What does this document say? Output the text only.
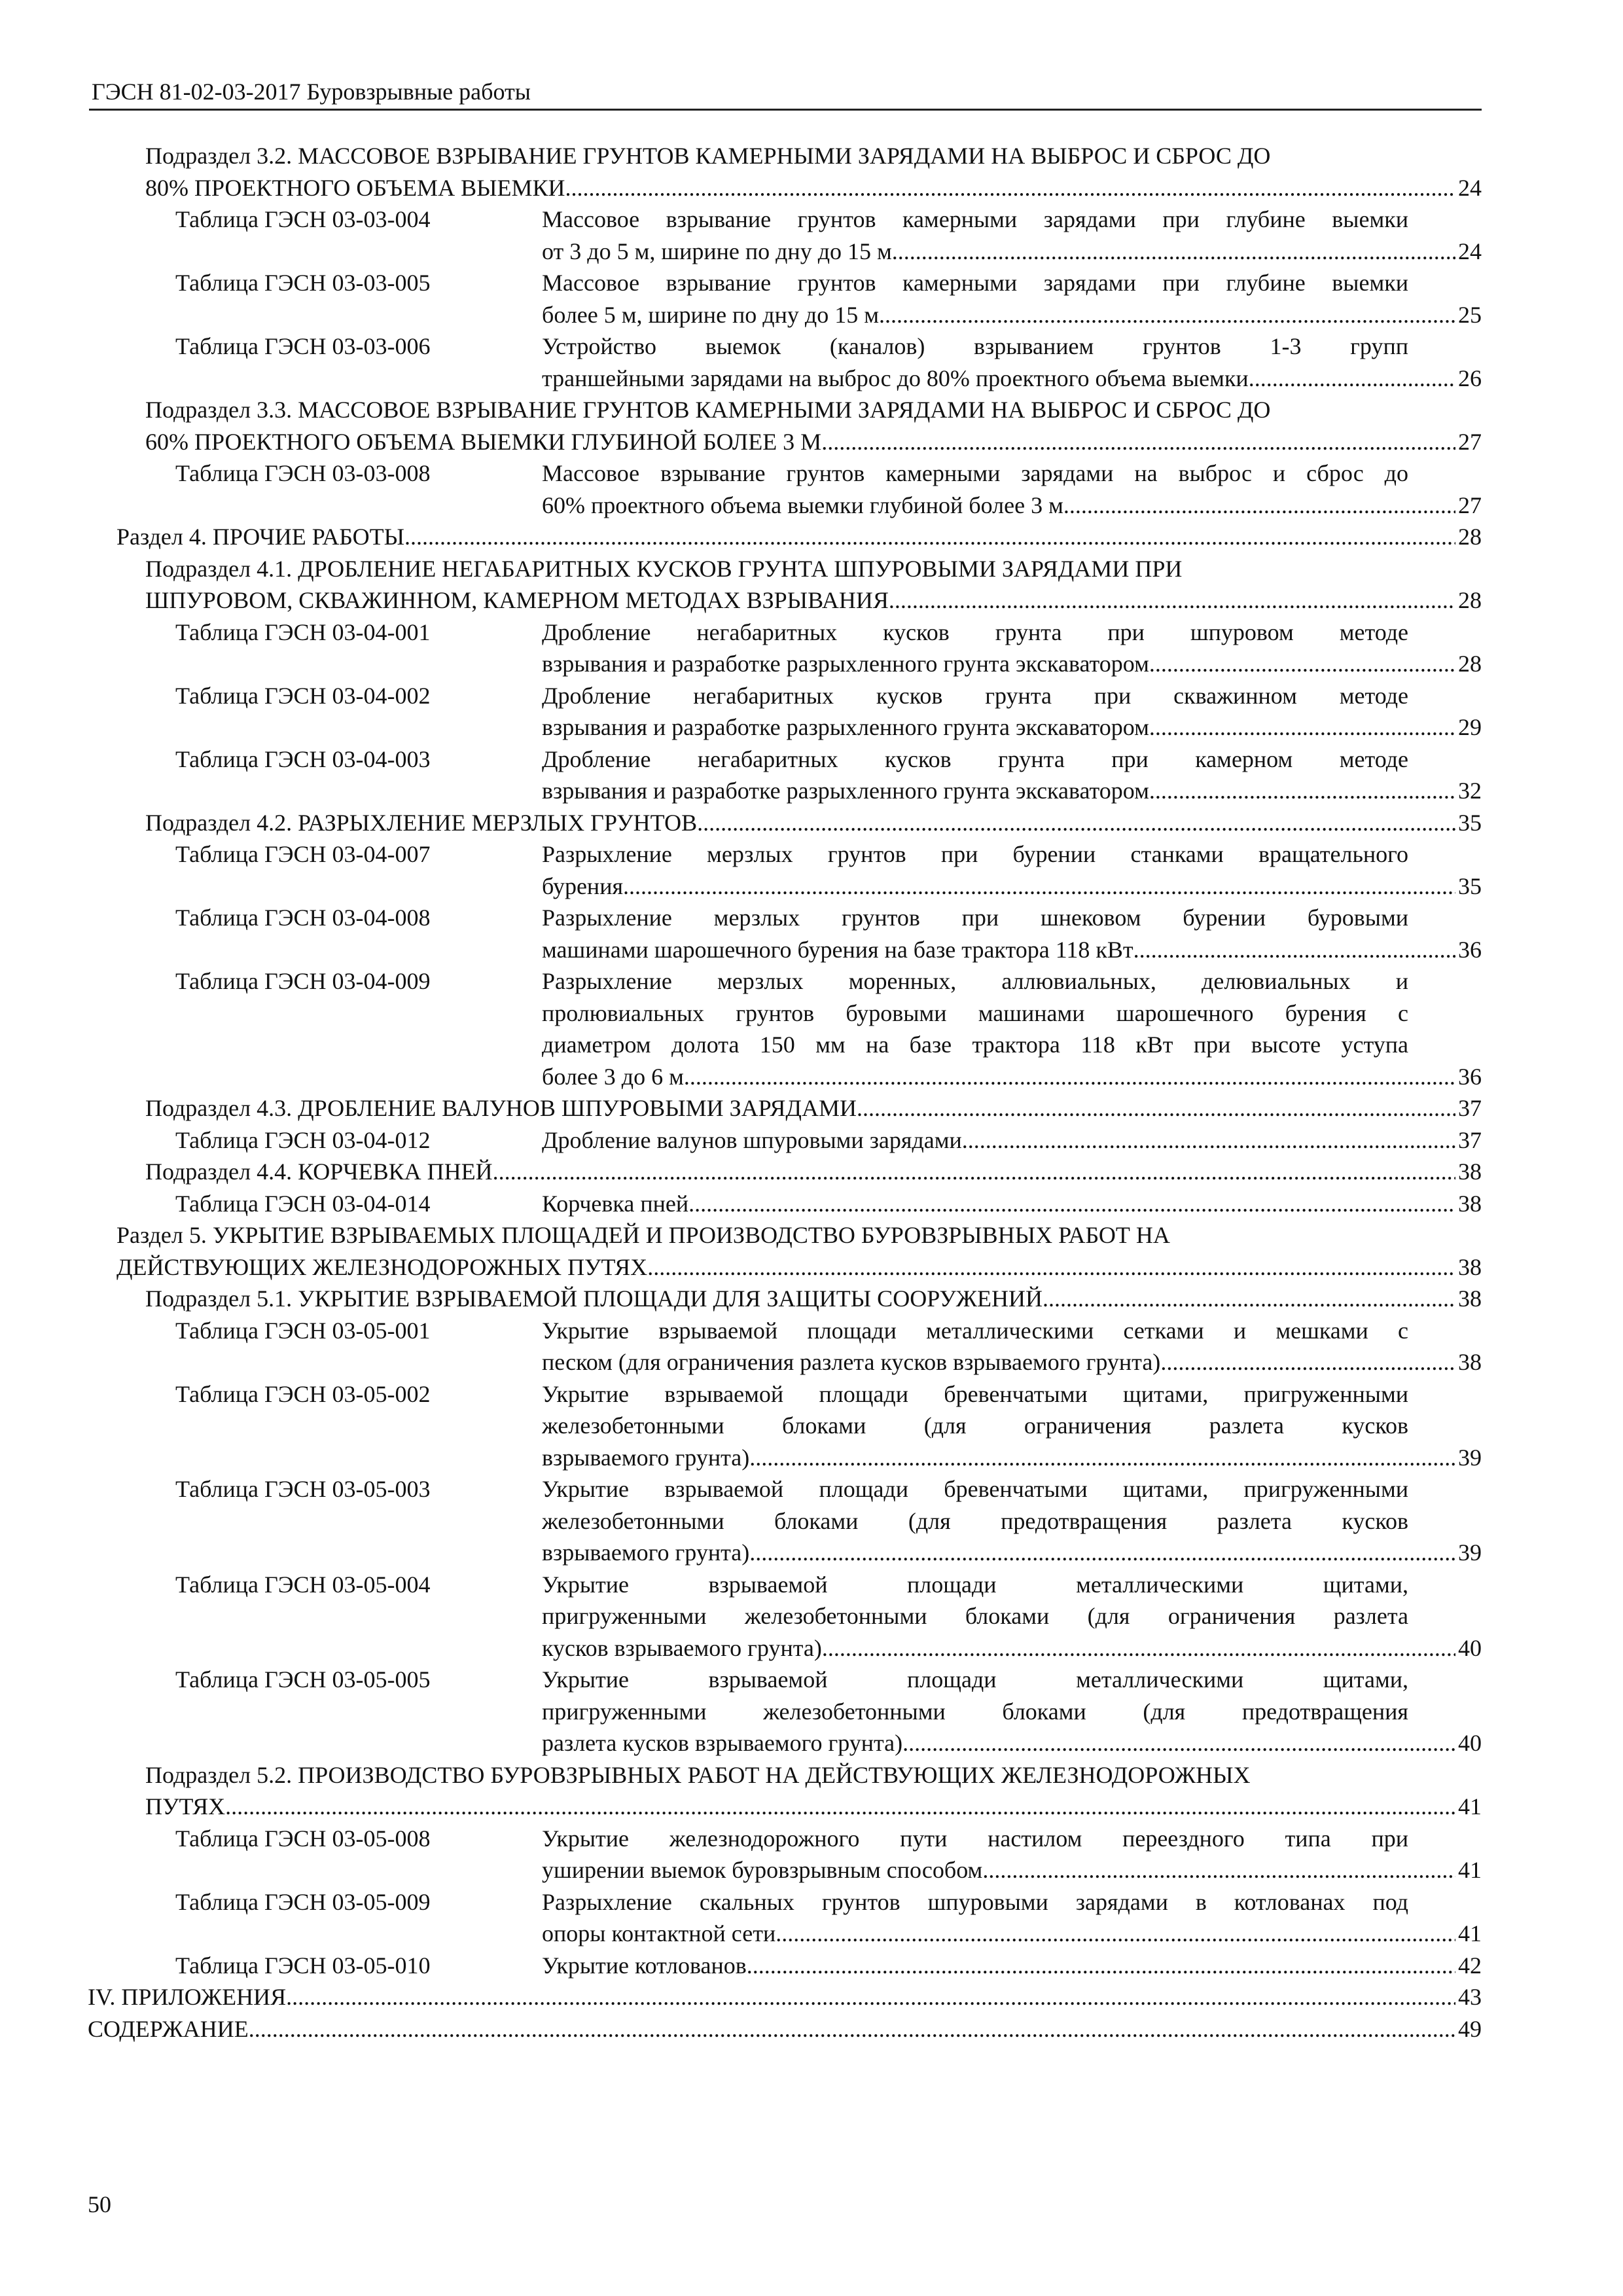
ГЭСН 81-02-03-2017 Буровзрывные работы
Подраздел 3.2. МАССОВОЕ ВЗРЫВАНИЕ ГРУНТОВ КАМЕРНЫМИ ЗАРЯДАМИ НА ВЫБРОС И СБРОС ДО
80% ПРОЕКТНОГО ОБЪЕМА ВЫЕМКИ .....	24
Таблица ГЭСН 03-03-004	Массовое взрывание грунтов камерными зарядами при глубине выемки
от 3 до 5 м, ширине по дну до 15 м .....	24
Таблица ГЭСН 03-03-005	Массовое взрывание грунтов камерными зарядами при глубине выемки
более 5 м, ширине по дну до 15 м .....	25
Таблица ГЭСН 03-03-006	Устройство выемок (каналов) взрыванием грунтов 1-3 групп
траншейными зарядами на выброс до 80% проектного объема выемки .....	26
Подраздел 3.3. МАССОВОЕ ВЗРЫВАНИЕ ГРУНТОВ КАМЕРНЫМИ ЗАРЯДАМИ НА ВЫБРОС И СБРОС ДО
60% ПРОЕКТНОГО ОБЪЕМА ВЫЕМКИ ГЛУБИНОЙ БОЛЕЕ 3 М .....	27
Таблица ГЭСН 03-03-008	Массовое взрывание грунтов камерными зарядами на выброс и сброс до
60% проектного объема выемки глубиной более 3 м .....	27
Раздел 4. ПРОЧИЕ РАБОТЫ .....	28
Подраздел 4.1. ДРОБЛЕНИЕ НЕГАБАРИТНЫХ КУСКОВ ГРУНТА ШПУРОВЫМИ ЗАРЯДАМИ ПРИ
ШПУРОВОМ, СКВАЖИННОМ, КАМЕРНОМ МЕТОДАХ ВЗРЫВАНИЯ .....	28
Таблица ГЭСН 03-04-001	Дробление негабаритных кусков грунта при шпуровом методе
взрывания и разработке разрыхленного грунта экскаватором .....	28
Таблица ГЭСН 03-04-002	Дробление негабаритных кусков грунта при скважинном методе
взрывания и разработке разрыхленного грунта экскаватором .....	29
Таблица ГЭСН 03-04-003	Дробление негабаритных кусков грунта при камерном методе
взрывания и разработке разрыхленного грунта экскаватором .....	32
Подраздел 4.2. РАЗРЫХЛЕНИЕ МЕРЗЛЫХ ГРУНТОВ .....	35
Таблица ГЭСН 03-04-007	Разрыхление мерзлых грунтов при бурении станками вращательного
бурения .....	35
Таблица ГЭСН 03-04-008	Разрыхление мерзлых грунтов при шнековом бурении буровыми
машинами шарошечного бурения на базе трактора 118 кВт .....	36
Таблица ГЭСН 03-04-009	Разрыхление мерзлых моренных, аллювиальных, делювиальных и
пролювиальных грунтов буровыми машинами шарошечного бурения с
диаметром долота 150 мм на базе трактора 118 кВт при высоте уступа
более 3 до 6 м .....	36
Подраздел 4.3. ДРОБЛЕНИЕ ВАЛУНОВ ШПУРОВЫМИ ЗАРЯДАМИ .....	37
Таблица ГЭСН 03-04-012	Дробление валунов шпуровыми зарядами .....	37
Подраздел 4.4. КОРЧЕВКА ПНЕЙ .....	38
Таблица ГЭСН 03-04-014	Корчевка пней .....	38
Раздел 5. УКРЫТИЕ ВЗРЫВАЕМЫХ ПЛОЩАДЕЙ И ПРОИЗВОДСТВО БУРОВЗРЫВНЫХ РАБОТ НА
ДЕЙСТВУЮЩИХ ЖЕЛЕЗНОДОРОЖНЫХ ПУТЯХ .....	38
Подраздел 5.1. УКРЫТИЕ ВЗРЫВАЕМОЙ ПЛОЩАДИ ДЛЯ ЗАЩИТЫ СООРУЖЕНИЙ .....	38
Таблица ГЭСН 03-05-001	Укрытие взрываемой площади металлическими сетками и мешками с
песком (для ограничения разлета кусков взрываемого грунта) .....	38
Таблица ГЭСН 03-05-002	Укрытие взрываемой площади бревенчатыми щитами, пригруженными
железобетонными блоками (для ограничения разлета кусков
взрываемого грунта) .....	39
Таблица ГЭСН 03-05-003	Укрытие взрываемой площади бревенчатыми щитами, пригруженными
железобетонными блоками (для предотвращения разлета кусков
взрываемого грунта) .....	39
Таблица ГЭСН 03-05-004	Укрытие взрываемой площади металлическими щитами,
пригруженными железобетонными блоками (для ограничения разлета
кусков взрываемого грунта) .....	40
Таблица ГЭСН 03-05-005	Укрытие взрываемой площади металлическими щитами,
пригруженными железобетонными блоками (для предотвращения
разлета кусков взрываемого грунта) .....	40
Подраздел 5.2. ПРОИЗВОДСТВО БУРОВЗРЫВНЫХ РАБОТ НА ДЕЙСТВУЮЩИХ ЖЕЛЕЗНОДОРОЖНЫХ
ПУТЯХ .....	41
Таблица ГЭСН 03-05-008	Укрытие железнодорожного пути настилом переездного типа при
уширении выемок буровзрывным способом .....	41
Таблица ГЭСН 03-05-009	Разрыхление скальных грунтов шпуровыми зарядами в котлованах под
опоры контактной сети .....	41
Таблица ГЭСН 03-05-010	Укрытие котлованов .....	42
IV. ПРИЛОЖЕНИЯ .....	43
СОДЕРЖАНИЕ .....	49
50
